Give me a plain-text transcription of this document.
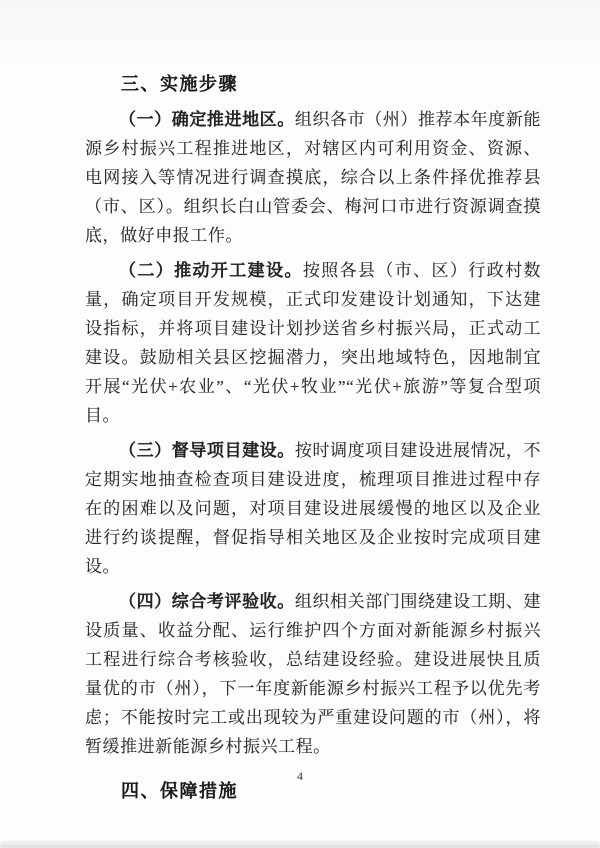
三、实施步骤

（一）确定推进地区。组织各市（州）推荐本年度新能源乡村振兴工程推进地区，对辖区内可利用资金、资源、电网接入等情况进行调查摸底，综合以上条件择优推荐县（市、区）。组织长白山管委会、梅河口市进行资源调查摸底，做好申报工作。

（二）推动开工建设。按照各县（市、区）行政村数量，确定项目开发规模，正式印发建设计划通知，下达建设指标，并将项目建设计划抄送省乡村振兴局，正式动工建设。鼓励相关县区挖掘潜力，突出地域特色，因地制宜开展“光伏+农业”、“光伏+牧业”“光伏+旅游”等复合型项目。

（三）督导项目建设。按时调度项目建设进展情况，不定期实地抽查检查项目建设进度，梳理项目推进过程中存在的困难以及问题，对项目建设进展缓慢的地区以及企业进行约谈提醒，督促指导相关地区及企业按时完成项目建设。

（四）综合考评验收。组织相关部门围绕建设工期、建设质量、收益分配、运行维护四个方面对新能源乡村振兴工程进行综合考核验收，总结建设经验。建设进展快且质量优的市（州），下一年度新能源乡村振兴工程予以优先考虑；不能按时完工或出现较为严重建设问题的市（州），将暂缓推进新能源乡村振兴工程。

四、保障措施
4
